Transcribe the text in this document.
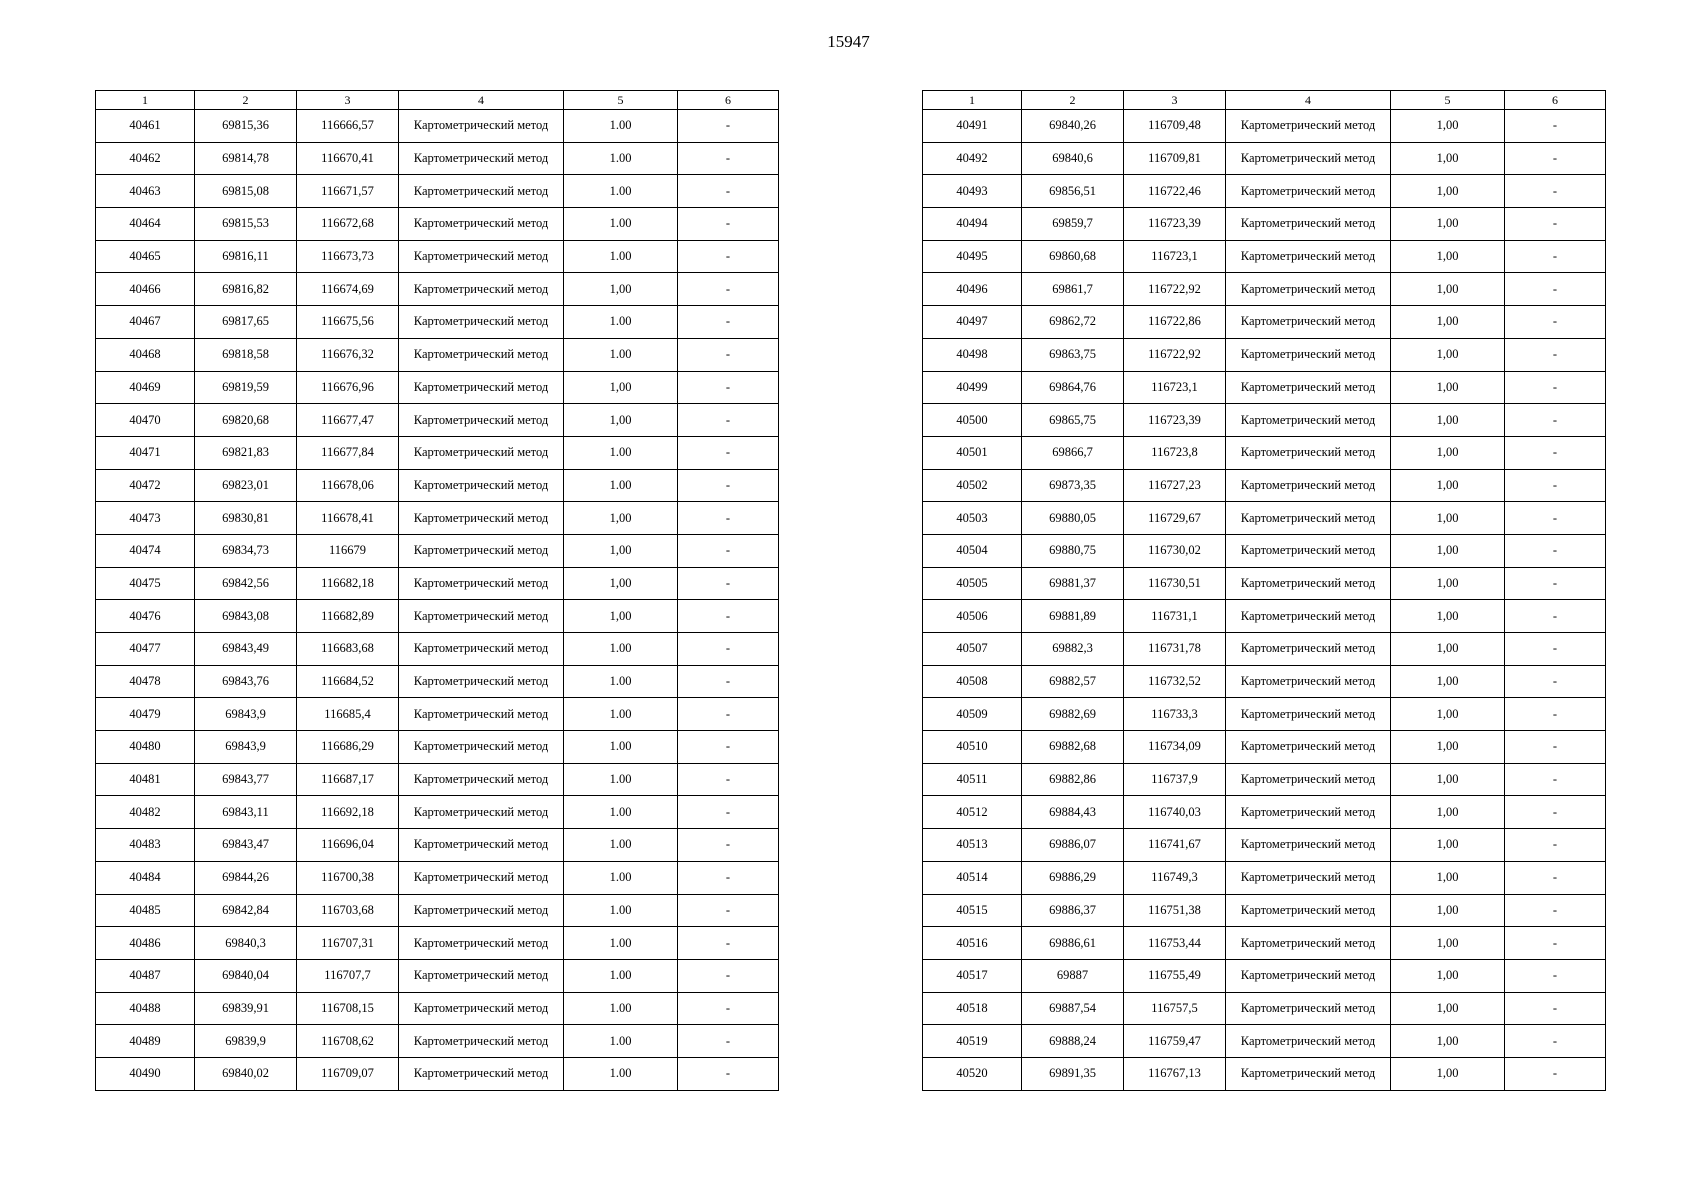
15947
1	2	3	4	5	6
40461	69815,36	116666,57	Картометрический метод	1.00	-
40462	69814,78	116670,41	Картометрический метод	1.00	-
40463	69815,08	116671,57	Картометрический метод	1.00	-
40464	69815,53	116672,68	Картометрический метод	1.00	-
40465	69816,11	116673,73	Картометрический метод	1.00	-
40466	69816,82	116674,69	Картометрический метод	1,00	-
40467	69817,65	116675,56	Картометрический метод	1.00	-
40468	69818,58	116676,32	Картометрический метод	1.00	-
40469	69819,59	116676,96	Картометрический метод	1,00	-
40470	69820,68	116677,47	Картометрический метод	1,00	-
40471	69821,83	116677,84	Картометрический метод	1.00	-
40472	69823,01	116678,06	Картометрический метод	1.00	-
40473	69830,81	116678,41	Картометрический метод	1,00	-
40474	69834,73	116679	Картометрический метод	1,00	-
40475	69842,56	116682,18	Картометрический метод	1,00	-
40476	69843,08	116682,89	Картометрический метод	1,00	-
40477	69843,49	116683,68	Картометрический метод	1.00	-
40478	69843,76	116684,52	Картометрический метод	1.00	-
40479	69843,9	116685,4	Картометрический метод	1.00	-
40480	69843,9	116686,29	Картометрический метод	1.00	-
40481	69843,77	116687,17	Картометрический метод	1.00	-
40482	69843,11	116692,18	Картометрический метод	1.00	-
40483	69843,47	116696,04	Картометрический метод	1.00	-
40484	69844,26	116700,38	Картометрический метод	1.00	-
40485	69842,84	116703,68	Картометрический метод	1.00	-
40486	69840,3	116707,31	Картометрический метод	1.00	-
40487	69840,04	116707,7	Картометрический метод	1.00	-
40488	69839,91	116708,15	Картометрический метод	1.00	-
40489	69839,9	116708,62	Картометрический метод	1.00	-
40490	69840,02	116709,07	Картометрический метод	1.00	-
1	2	3	4	5	6
40491	69840,26	116709,48	Картометрический метод	1,00	-
40492	69840,6	116709,81	Картометрический метод	1,00	-
40493	69856,51	116722,46	Картометрический метод	1,00	-
40494	69859,7	116723,39	Картометрический метод	1,00	-
40495	69860,68	116723,1	Картометрический метод	1,00	-
40496	69861,7	116722,92	Картометрический метод	1,00	-
40497	69862,72	116722,86	Картометрический метод	1,00	-
40498	69863,75	116722,92	Картометрический метод	1,00	-
40499	69864,76	116723,1	Картометрический метод	1,00	-
40500	69865,75	116723,39	Картометрический метод	1,00	-
40501	69866,7	116723,8	Картометрический метод	1,00	-
40502	69873,35	116727,23	Картометрический метод	1,00	-
40503	69880,05	116729,67	Картометрический метод	1,00	-
40504	69880,75	116730,02	Картометрический метод	1,00	-
40505	69881,37	116730,51	Картометрический метод	1,00	-
40506	69881,89	116731,1	Картометрический метод	1,00	-
40507	69882,3	116731,78	Картометрический метод	1,00	-
40508	69882,57	116732,52	Картометрический метод	1,00	-
40509	69882,69	116733,3	Картометрический метод	1,00	-
40510	69882,68	116734,09	Картометрический метод	1,00	-
40511	69882,86	116737,9	Картометрический метод	1,00	-
40512	69884,43	116740,03	Картометрический метод	1,00	-
40513	69886,07	116741,67	Картометрический метод	1,00	-
40514	69886,29	116749,3	Картометрический метод	1,00	-
40515	69886,37	116751,38	Картометрический метод	1,00	-
40516	69886,61	116753,44	Картометрический метод	1,00	-
40517	69887	116755,49	Картометрический метод	1,00	-
40518	69887,54	116757,5	Картометрический метод	1,00	-
40519	69888,24	116759,47	Картометрический метод	1,00	-
40520	69891,35	116767,13	Картометрический метод	1,00	-
